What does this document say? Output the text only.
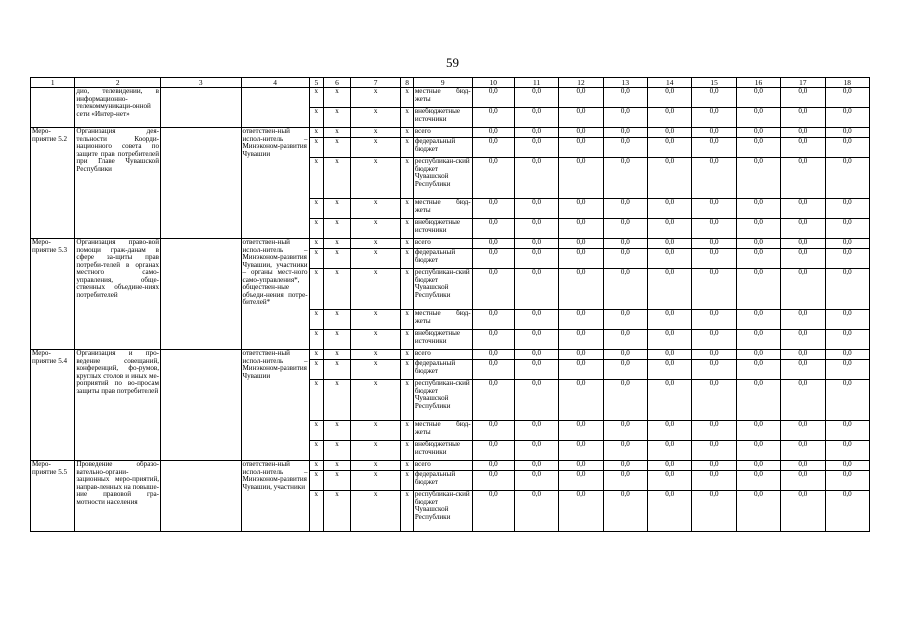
59
1	2	3	4	5	6	7	8	9	10	11	12	13	14	15	16	17	18
	дио, телевидении, в информационно-телекоммуникаци-онной сети «Интер-нет»			x	x	x	x	местные бюд-жеты	0,0	0,0	0,0	0,0	0,0	0,0	0,0	0,0	0,0
				x	x	x	x	внебюджетные источники	0,0	0,0	0,0	0,0	0,0	0,0	0,0	0,0	0,0
Меро-приятие 5.2	Организация дея-тельности Коорди-национного совета по защите прав потребителей при Главе Чувашской Республики		ответствен-ный испол-нитель – Минэконом-развития Чувашии	x	x	x	x	всего	0,0	0,0	0,0	0,0	0,0	0,0	0,0	0,0	0,0
				x	x	x	x	федеральный бюджет	0,0	0,0	0,0	0,0	0,0	0,0	0,0	0,0	0,0
				x	x	x	x	республикан-ский бюджет Чувашской Республики	0,0	0,0	0,0	0,0	0,0	0,0	0,0	0,0	0,0
				x	x	x	x	местные бюд-жеты	0,0	0,0	0,0	0,0	0,0	0,0	0,0	0,0	0,0
				x	x	x	x	внебюджетные источники	0,0	0,0	0,0	0,0	0,0	0,0	0,0	0,0	0,0
Меро-приятие 5.3	Организация право-вой помощи граж-данам в сфере за-щиты прав потреби-телей в органах местного само-управления, обще-ственных объедине-ниях потребителей		ответствен-ный испол-нитель – Минэконом-развития Чувашии, участники – органы мест-ного само-управления*, обществен-ные объеди-нения потре-бителей*	x	x	x	x	всего	0,0	0,0	0,0	0,0	0,0	0,0	0,0	0,0	0,0
				x	x	x	x	федеральный бюджет	0,0	0,0	0,0	0,0	0,0	0,0	0,0	0,0	0,0
				x	x	x	x	республикан-ский бюджет Чувашской Республики	0,0	0,0	0,0	0,0	0,0	0,0	0,0	0,0	0,0
				x	x	x	x	местные бюд-жеты	0,0	0,0	0,0	0,0	0,0	0,0	0,0	0,0	0,0
				x	x	x	x	внебюджетные источники	0,0	0,0	0,0	0,0	0,0	0,0	0,0	0,0	0,0
Меро-приятие 5.4	Организация и про-ведение совещаний, конференций, фо-румов, круглых столов и иных ме-роприятий по во-просам защиты прав потребителей		ответствен-ный испол-нитель – Минэконом-развития Чувашии	x	x	x	x	всего	0,0	0,0	0,0	0,0	0,0	0,0	0,0	0,0	0,0
				x	x	x	x	федеральный бюджет	0,0	0,0	0,0	0,0	0,0	0,0	0,0	0,0	0,0
				x	x	x	x	республикан-ский бюджет Чувашской Республики	0,0	0,0	0,0	0,0	0,0	0,0	0,0	0,0	0,0
				x	x	x	x	местные бюд-жеты	0,0	0,0	0,0	0,0	0,0	0,0	0,0	0,0	0,0
				x	x	x	x	внебюджетные источники	0,0	0,0	0,0	0,0	0,0	0,0	0,0	0,0	0,0
Меро-приятие 5.5	Проведение образо-вательно-органи-зационных меро-приятий, направ-ленных на повыше-ние правовой гра-мотности населения		ответствен-ный испол-нитель – Минэконом-развития Чувашии, участники	x	x	x	x	всего	0,0	0,0	0,0	0,0	0,0	0,0	0,0	0,0	0,0
				x	x	x	x	федеральный бюджет	0,0	0,0	0,0	0,0	0,0	0,0	0,0	0,0	0,0
				x	x	x	x	республикан-ский бюджет Чувашской Республики	0,0	0,0	0,0	0,0	0,0	0,0	0,0	0,0	0,0
